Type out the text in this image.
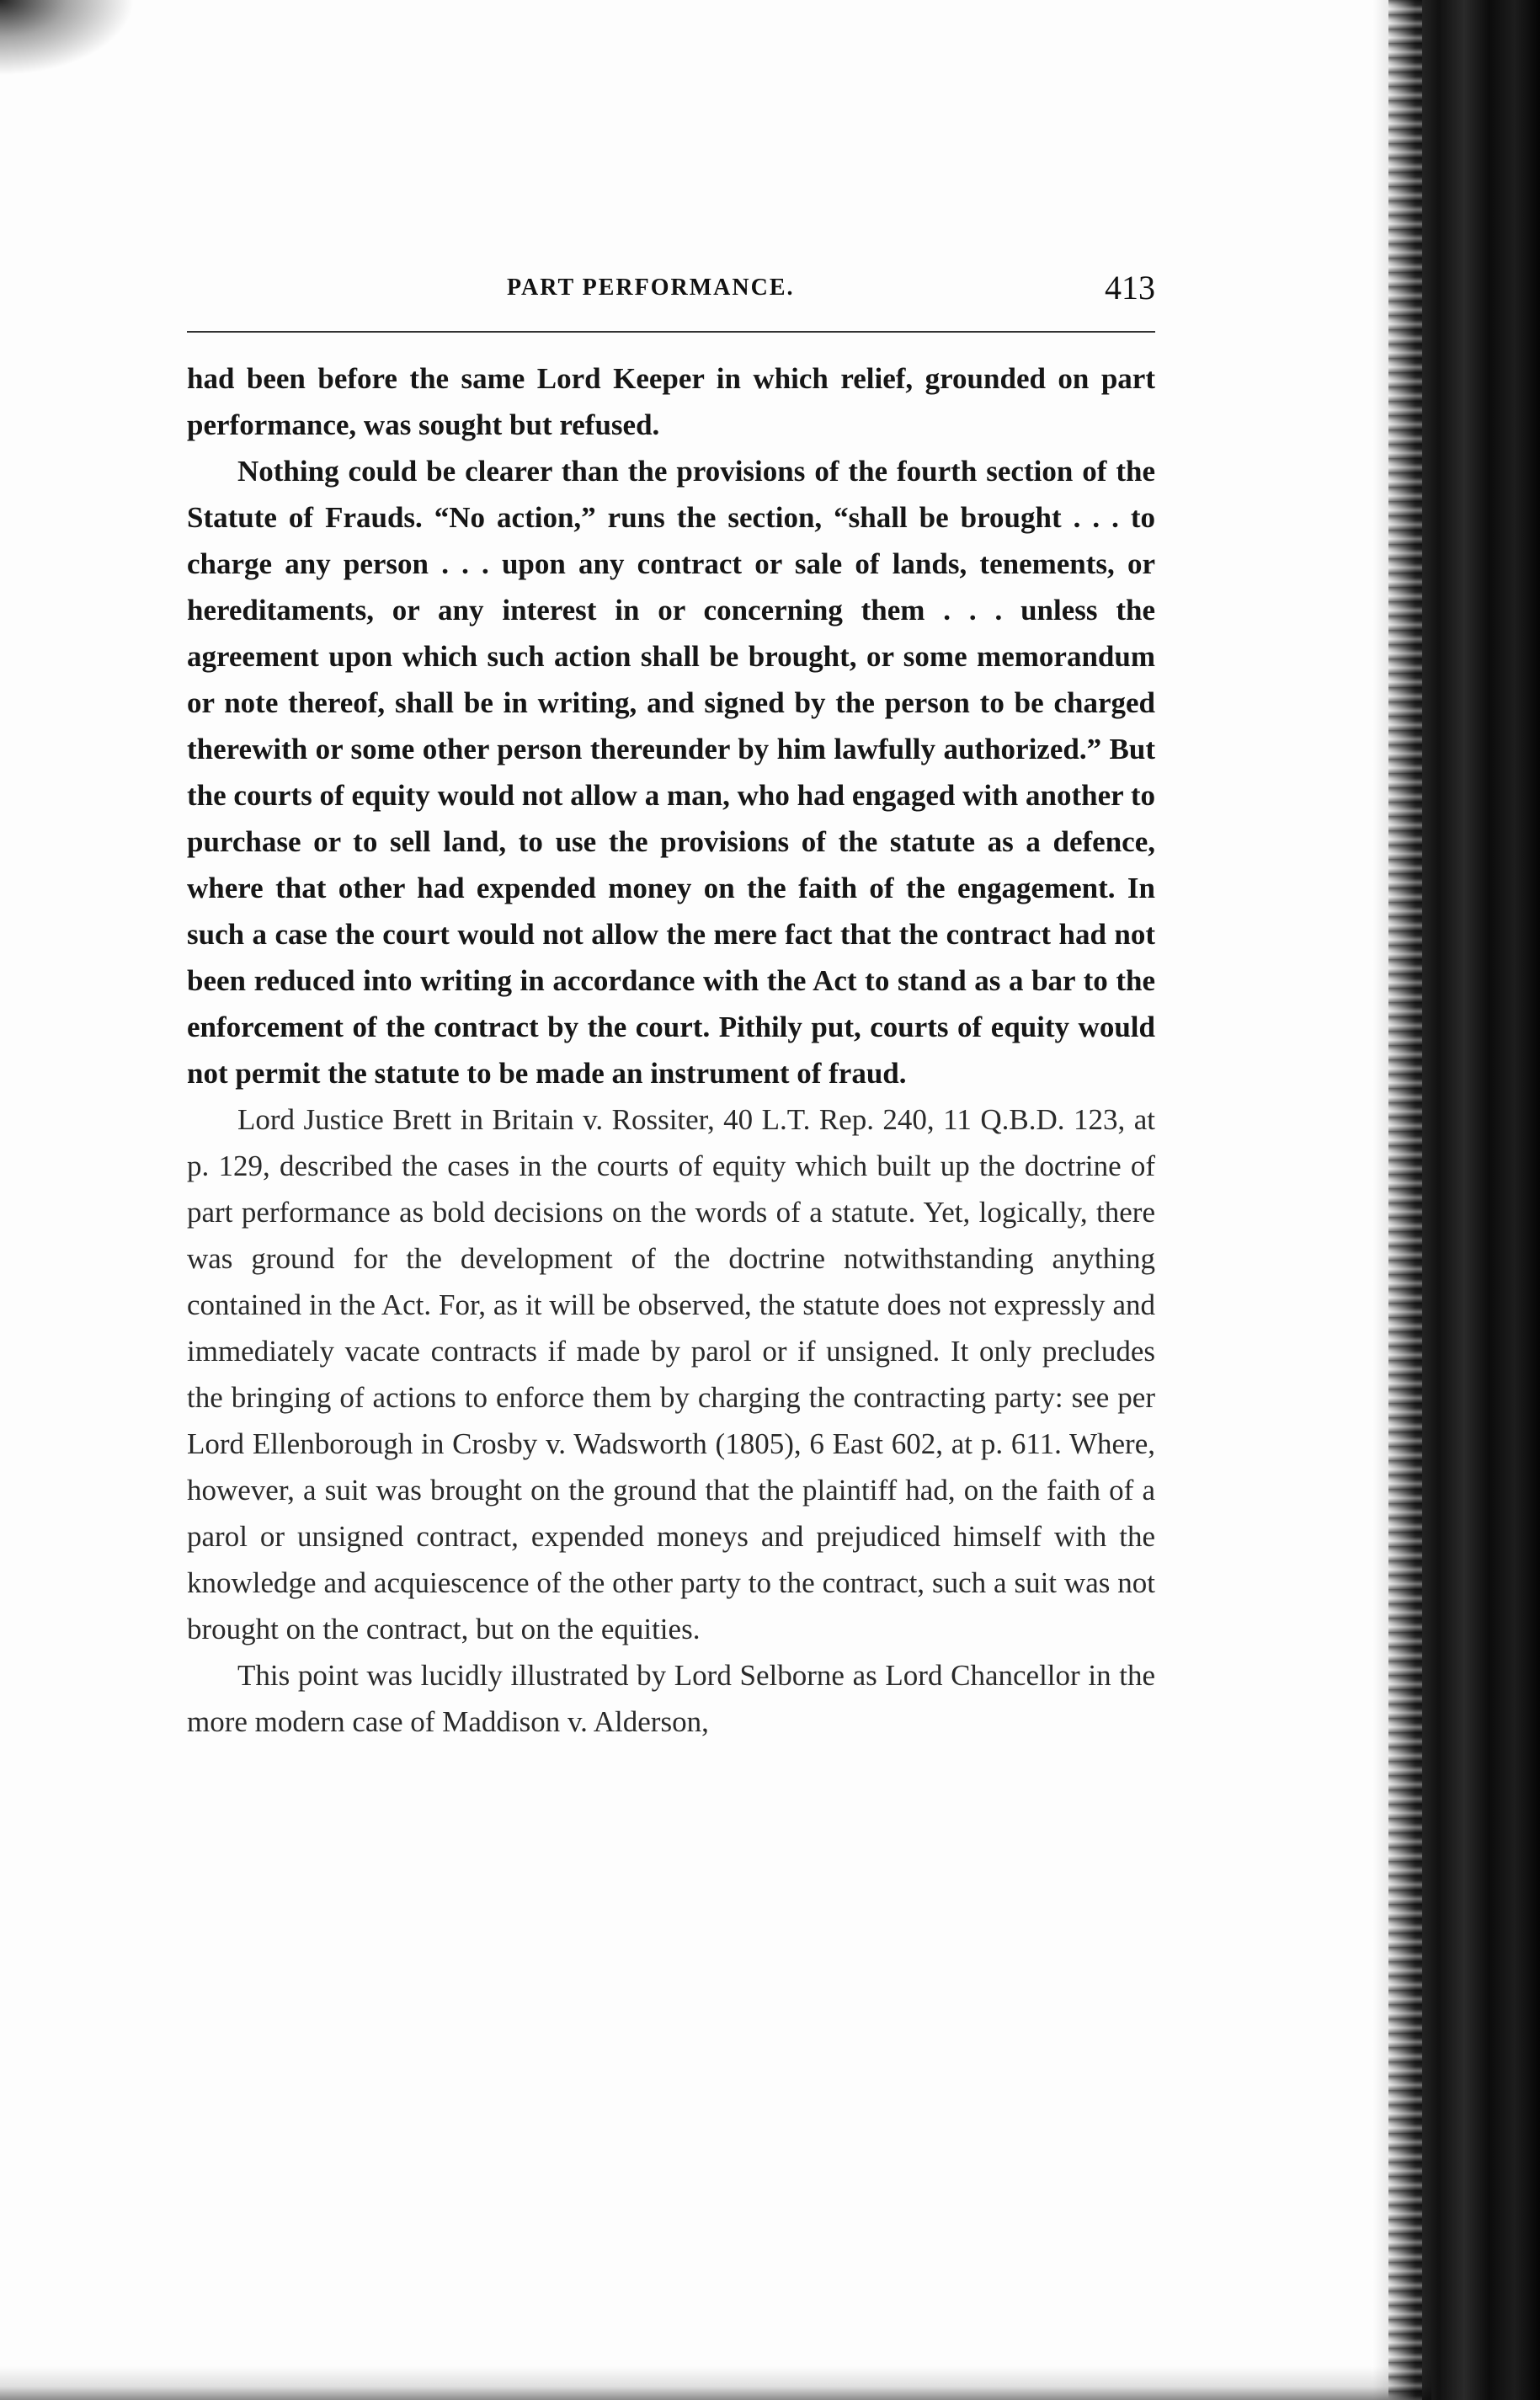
PART PERFORMANCE.	413

had been before the same Lord Keeper in which relief, grounded on part performance, was sought but refused.

Nothing could be clearer than the provisions of the fourth section of the Statute of Frauds. “No action,” runs the section, “shall be brought . . . to charge any person . . . upon any contract or sale of lands, tenements, or hereditaments, or any interest in or concerning them . . . unless the agreement upon which such action shall be brought, or some memorandum or note thereof, shall be in writing, and signed by the person to be charged therewith or some other person thereunder by him lawfully authorized.” But the courts of equity would not allow a man, who had engaged with another to purchase or to sell land, to use the provisions of the statute as a defence, where that other had expended money on the faith of the engagement. In such a case the court would not allow the mere fact that the contract had not been reduced into writing in accordance with the Act to stand as a bar to the enforcement of the contract by the court. Pithily put, courts of equity would not permit the statute to be made an instrument of fraud.

Lord Justice Brett in Britain v. Rossiter, 40 L.T. Rep. 240, 11 Q.B.D. 123, at p. 129, described the cases in the courts of equity which built up the doctrine of part performance as bold decisions on the words of a statute. Yet, logically, there was ground for the development of the doctrine notwithstanding anything contained in the Act. For, as it will be observed, the statute does not expressly and immediately vacate contracts if made by parol or if unsigned. It only precludes the bringing of actions to enforce them by charging the contracting party: see per Lord Ellenborough in Crosby v. Wadsworth (1805), 6 East 602, at p. 611. Where, however, a suit was brought on the ground that the plaintiff had, on the faith of a parol or unsigned contract, expended moneys and prejudiced himself with the knowledge and acquiescence of the other party to the contract, such a suit was not brought on the contract, but on the equities.

This point was lucidly illustrated by Lord Selborne as Lord Chancellor in the more modern case of Maddison v. Alderson,
